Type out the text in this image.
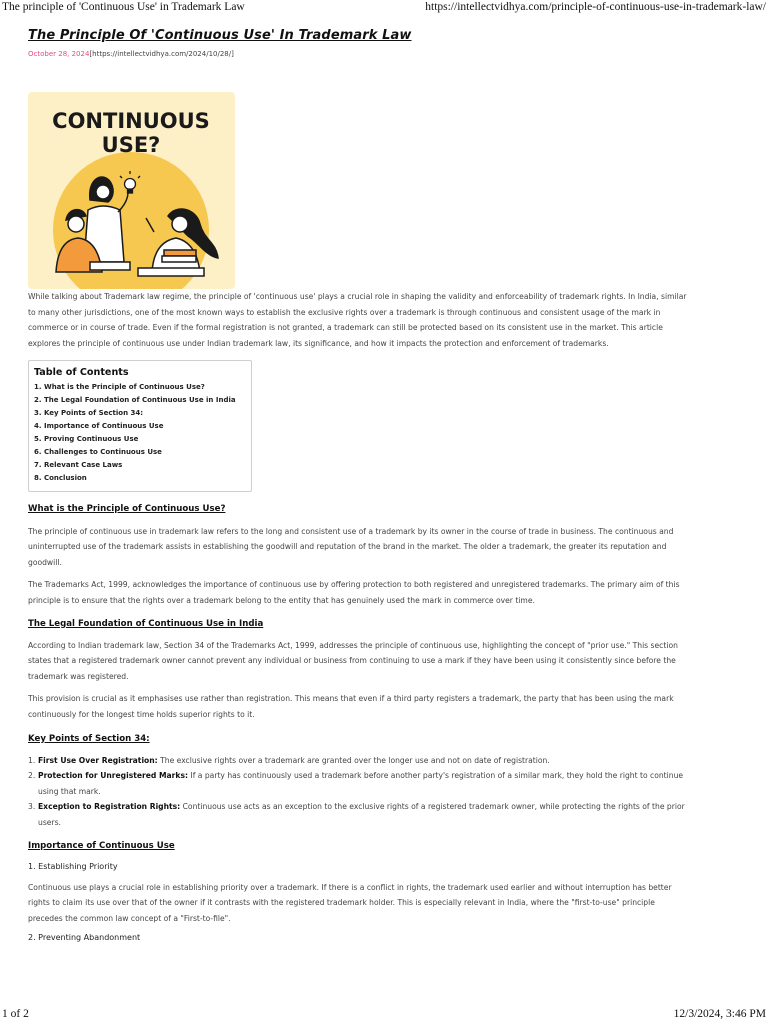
The principle of 'Continuous Use' in Trademark Law	https://intellectvidhya.com/principle-of-continuous-use-in-trademark-law/
The Principle Of 'Continuous Use' In Trademark Law
October 28, 2024[https://intellectvidhya.com/2024/10/28/]
CONTINUOUS
USE?

While talking about Trademark law regime, the principle of 'continuous use' plays a crucial role in shaping the validity and enforceability of trademark rights. In India, similar to many other jurisdictions, one of the most known ways to establish the exclusive rights over a trademark is through continuous and consistent usage of the mark in commerce or in course of trade. Even if the formal registration is not granted, a trademark can still be protected based on its consistent use in the market. This article explores the principle of continuous use under Indian trademark law, its significance, and how it impacts the protection and enforcement of trademarks.

Table of Contents
1. What is the Principle of Continuous Use?
2. The Legal Foundation of Continuous Use in India
3. Key Points of Section 34:
4. Importance of Continuous Use
5. Proving Continuous Use
6. Challenges to Continuous Use
7. Relevant Case Laws
8. Conclusion
What is the Principle of Continuous Use?

The principle of continuous use in trademark law refers to the long and consistent use of a trademark by its owner in the course of trade in business. The continuous and uninterrupted use of the trademark assists in establishing the goodwill and reputation of the brand in the market. The older a trademark, the greater its reputation and goodwill.

The Trademarks Act, 1999, acknowledges the importance of continuous use by offering protection to both registered and unregistered trademarks. The primary aim of this principle is to ensure that the rights over a trademark belong to the entity that has genuinely used the mark in commerce over time.

The Legal Foundation of Continuous Use in India

According to Indian trademark law, Section 34 of the Trademarks Act, 1999, addresses the principle of continuous use, highlighting the concept of "prior use." This section states that a registered trademark owner cannot prevent any individual or business from continuing to use a mark if they have been using it consistently since before the trademark was registered.

This provision is crucial as it emphasises use rather than registration. This means that even if a third party registers a trademark, the party that has been using the mark continuously for the longest time holds superior rights to it.

Key Points of Section 34:
1. First Use Over Registration: The exclusive rights over a trademark are granted over the longer use and not on date of registration.
2. Protection for Unregistered Marks: If a party has continuously used a trademark before another party's registration of a similar mark, they hold the right to continue using that mark.
3. Exception to Registration Rights: Continuous use acts as an exception to the exclusive rights of a registered trademark owner, while protecting the rights of the prior users.
Importance of Continuous Use
1. Establishing Priority

Continuous use plays a crucial role in establishing priority over a trademark. If there is a conflict in rights, the trademark used earlier and without interruption has better rights to claim its use over that of the owner if it contrasts with the registered trademark holder. This is especially relevant in India, where the "first-to-use" principle precedes the common law concept of a "First-to-file".

2. Preventing Abandonment
1 of 2	12/3/2024, 3:46 PM
